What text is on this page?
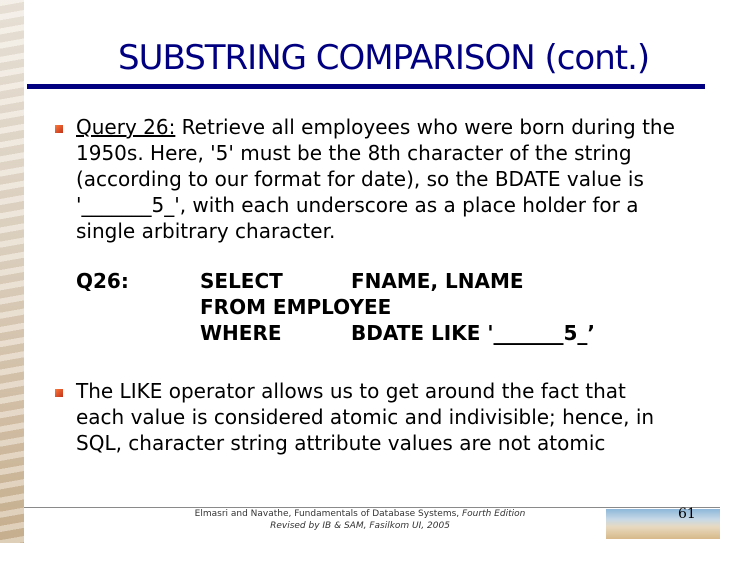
SUBSTRING COMPARISON (cont.)
Query 26: Retrieve all employees who were born during the
1950s. Here, '5' must be the 8th character of the string
(according to our format for date), so the BDATE value is
'_______5_', with each underscore as a place holder for a
single arbitrary character.
Q26:	SELECT	FNAME, LNAME
FROM EMPLOYEE
WHERE	BDATE LIKE '_______5_’
The LIKE operator allows us to get around the fact that
each value is considered atomic and indivisible; hence, in
SQL, character string attribute values are not atomic
Elmasri and Navathe, Fundamentals of Database Systems, Fourth Edition
Revised by IB & SAM, Fasilkom UI, 2005
61
